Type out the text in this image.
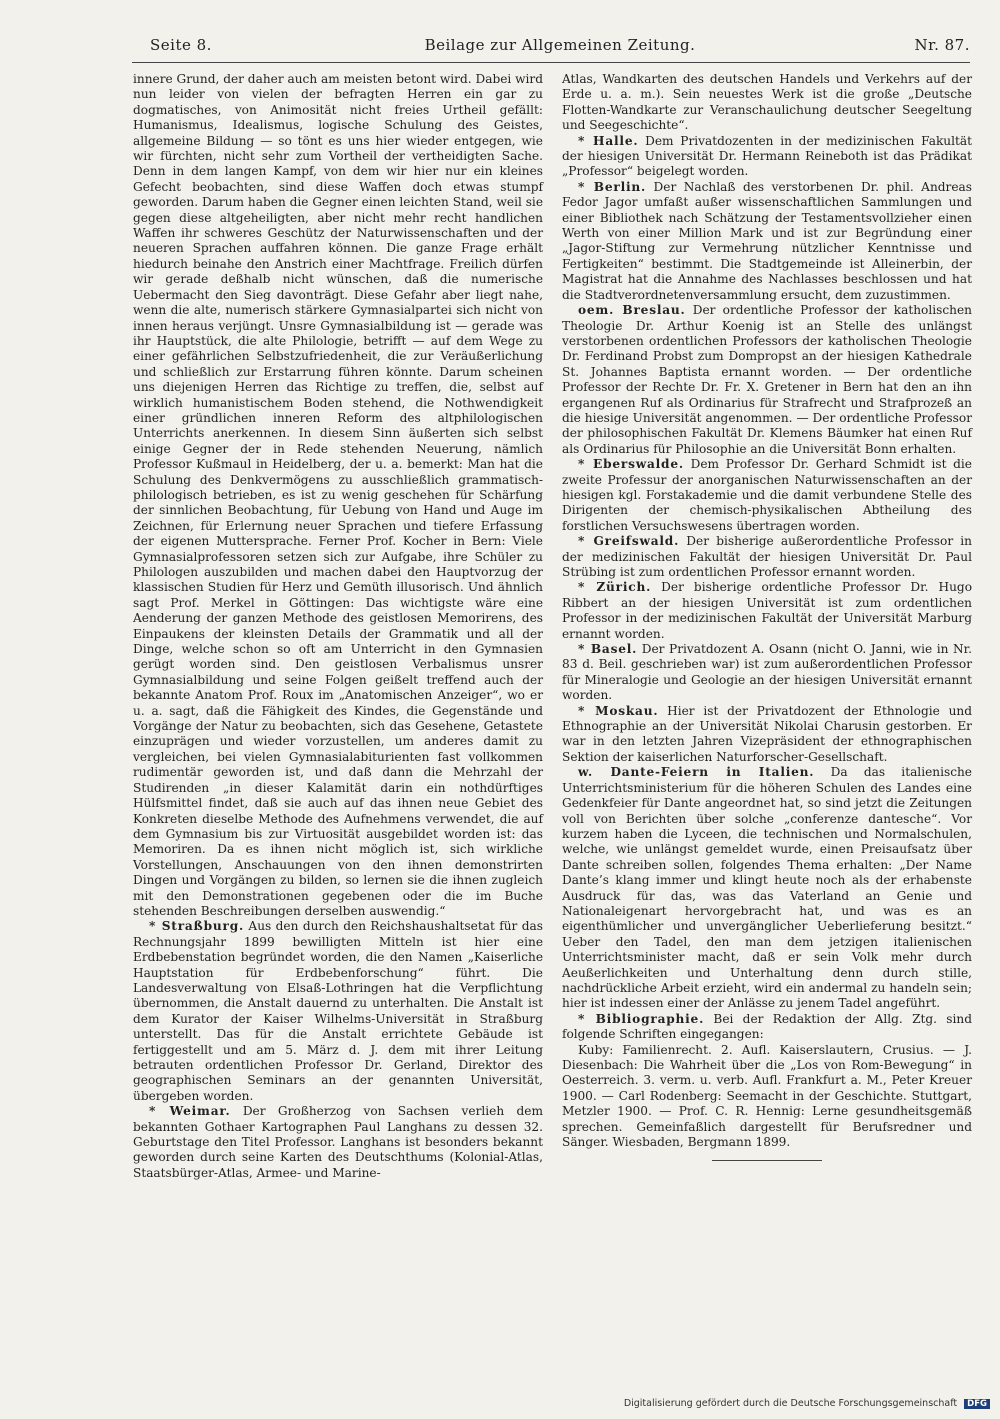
Seite 8.	Beilage zur Allgemeinen Zeitung.	Nr. 87.

innere Grund, der daher auch am meisten betont wird. Dabei wird nun leider von vielen der befragten Herren ein gar zu dogmatisches, von Animosität nicht freies Urtheil gefällt: Humanismus, Idealismus, logische Schulung des Geistes, allgemeine Bildung — so tönt es uns hier wieder entgegen, wie wir fürchten, nicht sehr zum Vortheil der vertheidigten Sache. Denn in dem langen Kampf, von dem wir hier nur ein kleines Gefecht beobachten, sind diese Waffen doch etwas stumpf geworden. Darum haben die Gegner einen leichten Stand, weil sie gegen diese altgeheiligten, aber nicht mehr recht handlichen Waffen ihr schweres Geschütz der Naturwissenschaften und der neueren Sprachen auffahren können. Die ganze Frage erhält hiedurch beinahe den Anstrich einer Machtfrage. Freilich dürfen wir gerade deßhalb nicht wünschen, daß die numerische Uebermacht den Sieg davonträgt. Diese Gefahr aber liegt nahe, wenn die alte, numerisch stärkere Gymnasialpartei sich nicht von innen heraus verjüngt. Unsre Gymnasialbildung ist — gerade was ihr Hauptstück, die alte Philologie, betrifft — auf dem Wege zu einer gefährlichen Selbstzufriedenheit, die zur Veräußerlichung und schließlich zur Erstarrung führen könnte. Darum scheinen uns diejenigen Herren das Richtige zu treffen, die, selbst auf wirklich humanistischem Boden stehend, die Nothwendigkeit einer gründlichen inneren Reform des altphilologischen Unterrichts anerkennen. In diesem Sinn äußerten sich selbst einige Gegner der in Rede stehenden Neuerung, nämlich Professor Kußmaul in Heidelberg, der u. a. bemerkt: Man hat die Schulung des Denkvermögens zu ausschließlich grammatisch-philologisch betrieben, es ist zu wenig geschehen für Schärfung der sinnlichen Beobachtung, für Uebung von Hand und Auge im Zeichnen, für Erlernung neuer Sprachen und tiefere Erfassung der eigenen Muttersprache. Ferner Prof. Kocher in Bern: Viele Gymnasialprofessoren setzen sich zur Aufgabe, ihre Schüler zu Philologen auszubilden und machen dabei den Hauptvorzug der klassischen Studien für Herz und Gemüth illusorisch. Und ähnlich sagt Prof. Merkel in Göttingen: Das wichtigste wäre eine Aenderung der ganzen Methode des geistlosen Memorirens, des Einpaukens der kleinsten Details der Grammatik und all der Dinge, welche schon so oft am Unterricht in den Gymnasien gerügt worden sind. Den geistlosen Verbalismus unsrer Gymnasialbildung und seine Folgen geißelt treffend auch der bekannte Anatom Prof. Roux im „Anatomischen Anzeiger“, wo er u. a. sagt, daß die Fähigkeit des Kindes, die Gegenstände und Vorgänge der Natur zu beobachten, sich das Gesehene, Getastete einzuprägen und wieder vorzustellen, um anderes damit zu vergleichen, bei vielen Gymnasialabiturienten fast vollkommen rudimentär geworden ist, und daß dann die Mehrzahl der Studirenden „in dieser Kalamität darin ein nothdürftiges Hülfsmittel findet, daß sie auch auf das ihnen neue Gebiet des Konkreten dieselbe Methode des Aufnehmens verwendet, die auf dem Gymnasium bis zur Virtuosität ausgebildet worden ist: das Memoriren. Da es ihnen nicht möglich ist, sich wirkliche Vorstellungen, Anschauungen von den ihnen demonstrirten Dingen und Vorgängen zu bilden, so lernen sie die ihnen zugleich mit den Demonstrationen gegebenen oder die im Buche stehenden Beschreibungen derselben auswendig.“

* Straßburg. Aus den durch den Reichshaushaltsetat für das Rechnungsjahr 1899 bewilligten Mitteln ist hier eine Erdbebenstation begründet worden, die den Namen „Kaiserliche Hauptstation für Erdbebenforschung“ führt. Die Landesverwaltung von Elsaß-Lothringen hat die Verpflichtung übernommen, die Anstalt dauernd zu unterhalten. Die Anstalt ist dem Kurator der Kaiser Wilhelms-Universität in Straßburg unterstellt. Das für die Anstalt errichtete Gebäude ist fertiggestellt und am 5. März d. J. dem mit ihrer Leitung betrauten ordentlichen Professor Dr. Gerland, Direktor des geographischen Seminars an der genannten Universität, übergeben worden.

* Weimar. Der Großherzog von Sachsen verlieh dem bekannten Gothaer Kartographen Paul Langhans zu dessen 32. Geburtstage den Titel Professor. Langhans ist besonders bekannt geworden durch seine Karten des Deutschthums (Kolonial-Atlas, Staatsbürger-Atlas, Armee- und Marine-

Atlas, Wandkarten des deutschen Handels und Verkehrs auf der Erde u. a. m.). Sein neuestes Werk ist die große „Deutsche Flotten-Wandkarte zur Veranschaulichung deutscher Seegeltung und Seegeschichte“.

* Halle. Dem Privatdozenten in der medizinischen Fakultät der hiesigen Universität Dr. Hermann Reineboth ist das Prädikat „Professor“ beigelegt worden.

* Berlin. Der Nachlaß des verstorbenen Dr. phil. Andreas Fedor Jagor umfaßt außer wissenschaftlichen Sammlungen und einer Bibliothek nach Schätzung der Testamentsvollzieher einen Werth von einer Million Mark und ist zur Begründung einer „Jagor-Stiftung zur Vermehrung nützlicher Kenntnisse und Fertigkeiten“ bestimmt. Die Stadtgemeinde ist Alleinerbin, der Magistrat hat die Annahme des Nachlasses beschlossen und hat die Stadtverordnetenversammlung ersucht, dem zuzustimmen.

oem. Breslau. Der ordentliche Professor der katholischen Theologie Dr. Arthur Koenig ist an Stelle des unlängst verstorbenen ordentlichen Professors der katholischen Theologie Dr. Ferdinand Probst zum Dompropst an der hiesigen Kathedrale St. Johannes Baptista ernannt worden. — Der ordentliche Professor der Rechte Dr. Fr. X. Gretener in Bern hat den an ihn ergangenen Ruf als Ordinarius für Strafrecht und Strafprozeß an die hiesige Universität angenommen. — Der ordentliche Professor der philosophischen Fakultät Dr. Klemens Bäumker hat einen Ruf als Ordinarius für Philosophie an die Universität Bonn erhalten.

* Eberswalde. Dem Professor Dr. Gerhard Schmidt ist die zweite Professur der anorganischen Naturwissenschaften an der hiesigen kgl. Forstakademie und die damit verbundene Stelle des Dirigenten der chemisch-physikalischen Abtheilung des forstlichen Versuchswesens übertragen worden.

* Greifswald. Der bisherige außerordentliche Professor in der medizinischen Fakultät der hiesigen Universität Dr. Paul Strübing ist zum ordentlichen Professor ernannt worden.

* Zürich. Der bisherige ordentliche Professor Dr. Hugo Ribbert an der hiesigen Universität ist zum ordentlichen Professor in der medizinischen Fakultät der Universität Marburg ernannt worden.

* Basel. Der Privatdozent A. Osann (nicht O. Janni, wie in Nr. 83 d. Beil. geschrieben war) ist zum außerordentlichen Professor für Mineralogie und Geologie an der hiesigen Universität ernannt worden.

* Moskau. Hier ist der Privatdozent der Ethnologie und Ethnographie an der Universität Nikolai Charusin gestorben. Er war in den letzten Jahren Vizepräsident der ethnographischen Sektion der kaiserlichen Naturforscher-Gesellschaft.

w. Dante-Feiern in Italien. Da das italienische Unterrichtsministerium für die höheren Schulen des Landes eine Gedenkfeier für Dante angeordnet hat, so sind jetzt die Zeitungen voll von Berichten über solche „conferenze dantesche“. Vor kurzem haben die Lyceen, die technischen und Normalschulen, welche, wie unlängst gemeldet wurde, einen Preisaufsatz über Dante schreiben sollen, folgendes Thema erhalten: „Der Name Dante’s klang immer und klingt heute noch als der erhabenste Ausdruck für das, was das Vaterland an Genie und Nationaleigenart hervorgebracht hat, und was es an eigenthümlicher und unvergänglicher Ueberlieferung besitzt.“ Ueber den Tadel, den man dem jetzigen italienischen Unterrichtsminister macht, daß er sein Volk mehr durch Aeußerlichkeiten und Unterhaltung denn durch stille, nachdrückliche Arbeit erzieht, wird ein andermal zu handeln sein; hier ist indessen einer der Anlässe zu jenem Tadel angeführt.

* Bibliographie. Bei der Redaktion der Allg. Ztg. sind folgende Schriften eingegangen:

Kuby: Familienrecht. 2. Aufl. Kaiserslautern, Crusius. — J. Diesenbach: Die Wahrheit über die „Los von Rom-Bewegung“ in Oesterreich. 3. verm. u. verb. Aufl. Frankfurt a. M., Peter Kreuer 1900. — Carl Rodenberg: Seemacht in der Geschichte. Stuttgart, Metzler 1900. — Prof. C. R. Hennig: Lerne gesundheitsgemäß sprechen. Gemeinfaßlich dargestellt für Berufsredner und Sänger. Wiesbaden, Bergmann 1899.

Digitalisierung gefördert durch die Deutsche Forschungsgemeinschaft DFG
